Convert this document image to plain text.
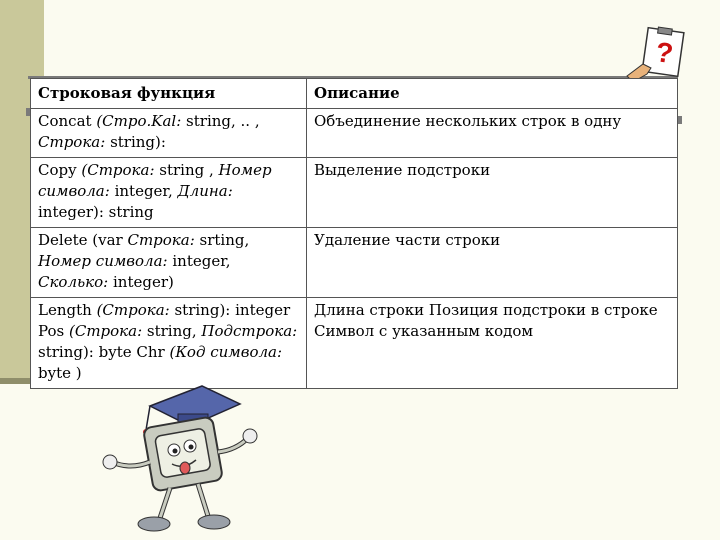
?
Строковая функция	Описание
Concat (Стро.Kal: string, .. , Строка: string):	Объединение нескольких строк в одну
Copy (Строка: string , Номер символа: integer, Длина: integer): string	Выделение подстроки
Delete (var Строка: srting, Номер символа: integer, Сколько: integer)	Удаление части строки
Length (Строка: string): integer Pos (Строка: string, Подстрока: string): byte Chr (Код символа: byte )	Длина строки Позиция подстроки в строке Символ с указанным кодом
